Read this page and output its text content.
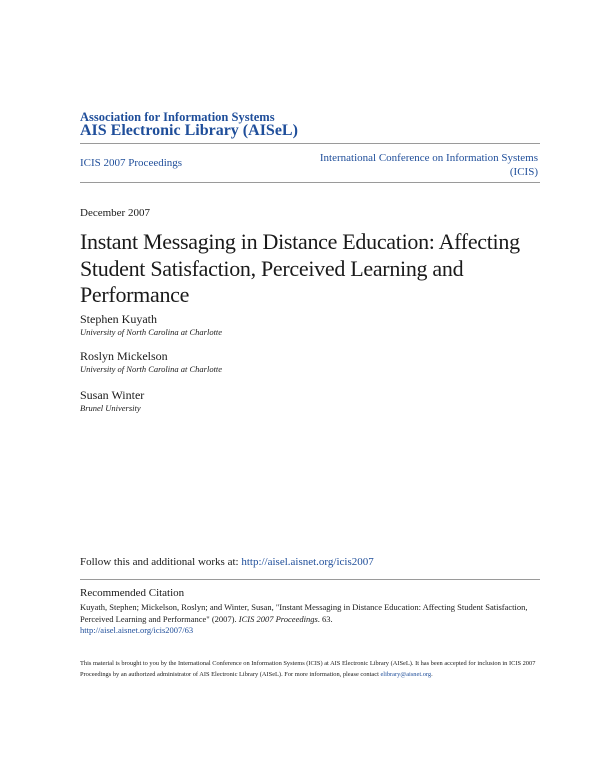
Association for Information Systems
AIS Electronic Library (AISeL)
ICIS 2007 Proceedings	International Conference on Information Systems
(ICIS)
December 2007
Instant Messaging in Distance Education: Affecting Student Satisfaction, Perceived Learning and Performance
Stephen Kuyath
University of North Carolina at Charlotte
Roslyn Mickelson
University of North Carolina at Charlotte
Susan Winter
Brunel University
Follow this and additional works at: http://aisel.aisnet.org/icis2007
Recommended Citation
Kuyath, Stephen; Mickelson, Roslyn; and Winter, Susan, "Instant Messaging in Distance Education: Affecting Student Satisfaction, Perceived Learning and Performance" (2007). ICIS 2007 Proceedings. 63.
http://aisel.aisnet.org/icis2007/63
This material is brought to you by the International Conference on Information Systems (ICIS) at AIS Electronic Library (AISeL). It has been accepted for inclusion in ICIS 2007 Proceedings by an authorized administrator of AIS Electronic Library (AISeL). For more information, please contact elibrary@aisnet.org.
